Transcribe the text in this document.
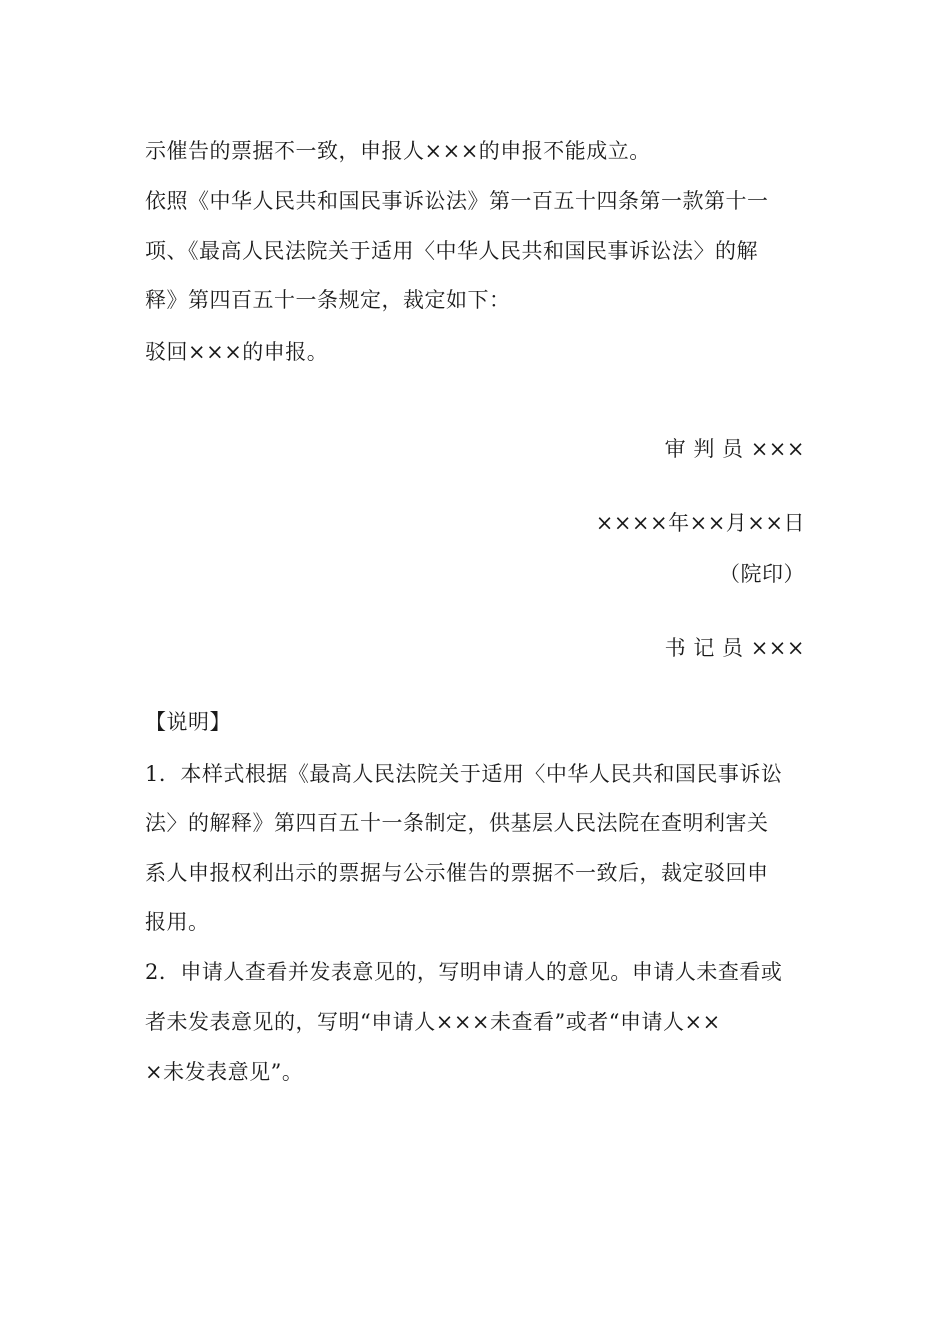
示催告的票据不一致，申报人×××的申报不能成立。
依照《中华人民共和国民事诉讼法》第一百五十四条第一款第十一
项、《最高人民法院关于适用〈中华人民共和国民事诉讼法〉的解
释》第四百五十一条规定，裁定如下：
驳回×××的申报。
审 判 员 ×××
××××年××月××日
（院印）
书 记 员 ×××
【说明】
1．本样式根据《最高人民法院关于适用〈中华人民共和国民事诉讼
法〉的解释》第四百五十一条制定，供基层人民法院在查明利害关
系人申报权利出示的票据与公示催告的票据不一致后，裁定驳回申
报用。
2．申请人查看并发表意见的，写明申请人的意见。申请人未查看或
者未发表意见的，写明“申请人×××未查看”或者“申请人××
×未发表意见”。
